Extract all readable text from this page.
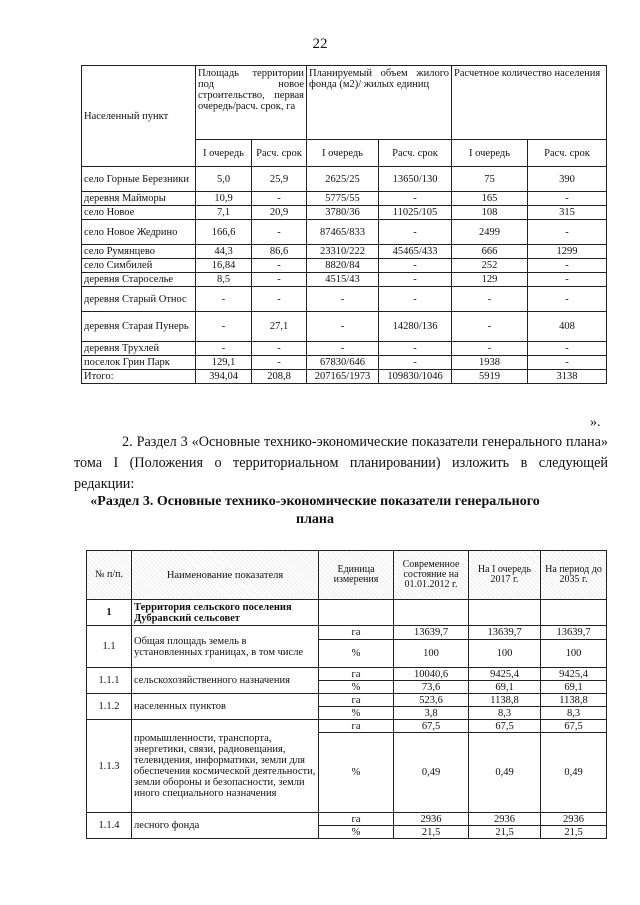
22
Населенный пункт	Площадь территории под новое строительство, первая очередь/расч. срок, га		Планируемый объем жилого фонда (м2)/ жилых единиц		Расчетное количество населения	
	I очередь	Расч. срок	I очередь	Расч. срок	I очередь	Расч. срок
село Горные Березники	5,0	25,9	2625/25	13650/130	75	390
деревня Майморы	10,9	-	5775/55	-	165	-
село Новое	7,1	20,9	3780/36	11025/105	108	315
село Новое Жедрино	166,6	-	87465/833	-	2499	-
село Румянцево	44,3	86,6	23310/222	45465/433	666	1299
село Симбилей	16,84	-	8820/84	-	252	-
деревня Староселье	8,5	-	4515/43	-	129	-
деревня Старый Относ	-	-	-	-	-	-
деревня Старая Пунерь	-	27,1	-	14280/136	-	408
деревня Трухлей	-	-	-	-	-	-
поселок Грин Парк	129,1	-	67830/646	-	1938	-
Итого:	394,04	208,8	207165/1973	109830/1046	5919	3138
».
2. Раздел 3 «Основные технико-экономические показатели генерального плана» тома I (Положения о территориальном планировании) изложить в следующей редакции:
«Раздел 3. Основные технико-экономические показатели генерального плана
№ п/п.	Наименование показателя	Единица измерения	Современное состояние на 01.01.2012 г.	На I очередь 2017 г.	На период до 2035 г.
1	Территория сельского поселения Дубравский сельсовет				
1.1	Общая площадь земель в установленных границах, в том числе	га	13639,7	13639,7	13639,7
		%	100	100	100
1.1.1	сельскохозяйственного назначения	га	10040,6	9425,4	9425,4
		%	73,6	69,1	69,1
1.1.2	населенных пунктов	га	523,6	1138,8	1138,8
		%	3,8	8,3	8,3
1.1.3	промышленности, транспорта, энергетики, связи, радиовещания, телевидения, информатики, земли для обеспечения космической деятельности, земли обороны и безопасности, земли иного специального назначения	га	67,5	67,5	67,5
		%	0,49	0,49	0,49
1.1.4	лесного фонда	га	2936	2936	2936
		%	21,5	21,5	21,5
